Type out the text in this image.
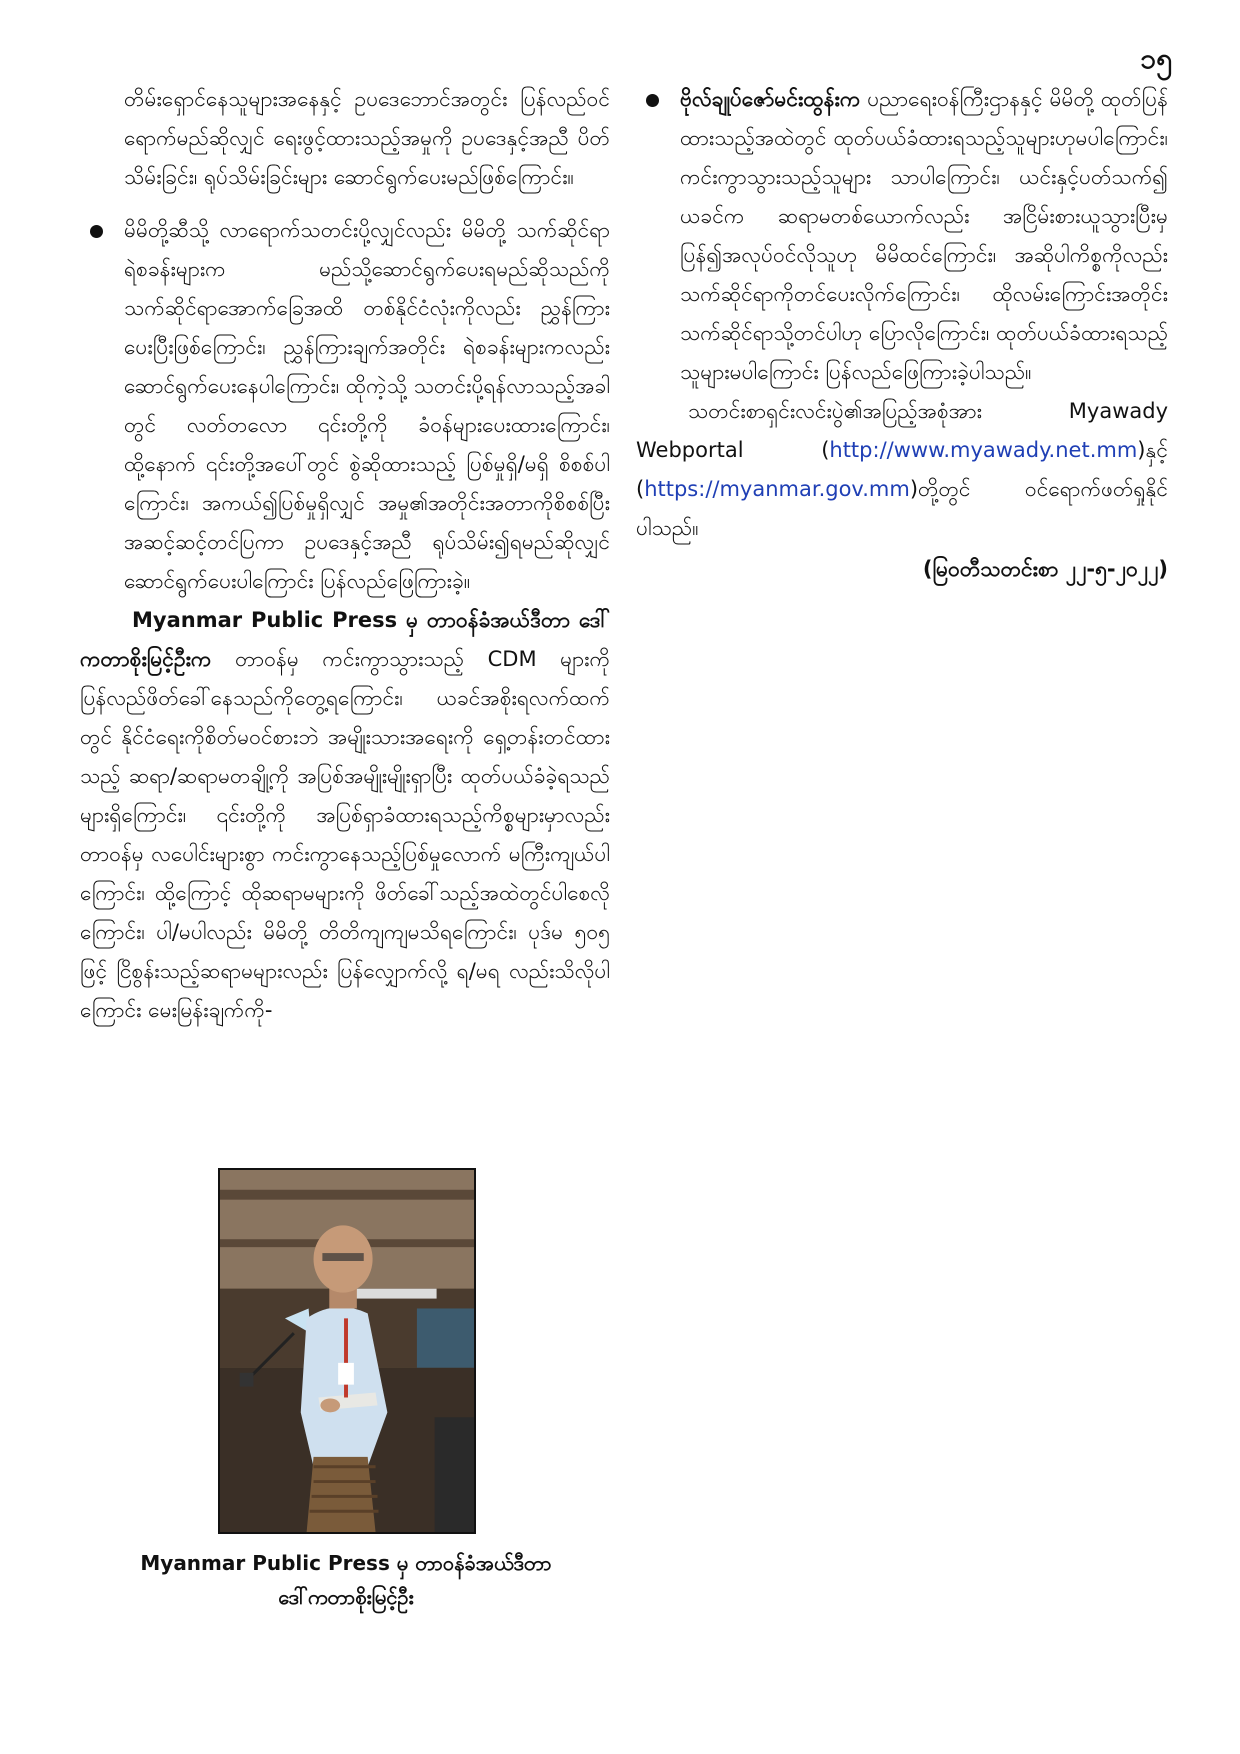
၁၅

တိမ်းရှောင်နေသူများအနေနှင့် ဥပဒေဘောင်အတွင်း ပြန်လည်ဝင်ရောက်မည်ဆိုလျှင် ရေးဖွင့်ထားသည့်အမှုကို ဥပဒေနှင့်အညီ ပိတ်သိမ်းခြင်း၊ ရုပ်သိမ်းခြင်းများ ဆောင်ရွက်ပေးမည်ဖြစ်ကြောင်း။

မိမိတို့ဆီသို့ လာရောက်သတင်းပို့လျှင်လည်း မိမိတို့ သက်ဆိုင်ရာရဲစခန်းများက မည်သို့ဆောင်ရွက်ပေးရမည်ဆိုသည်ကို သက်ဆိုင်ရာအောက်ခြေအထိ တစ်နိုင်ငံလုံးကိုလည်း ညွှန်ကြားပေးပြီးဖြစ်ကြောင်း၊ ညွှန်ကြားချက်အတိုင်း ရဲစခန်းများကလည်း ဆောင်ရွက်ပေးနေပါကြောင်း၊ ထိုကဲ့သို့ သတင်းပို့ရန်လာသည့်အခါတွင် လတ်တလော ၎င်းတို့ကို ခံဝန်များပေးထားကြောင်း၊ ထို့နောက် ၎င်းတို့အပေါ်တွင် စွဲဆိုထားသည့် ပြစ်မှုရှိ/မရှိ စိစစ်ပါကြောင်း၊ အကယ်၍ပြစ်မှုရှိလျှင် အမှု၏အတိုင်းအတာကိုစိစစ်ပြီး အဆင့်ဆင့်တင်ပြကာ ဥပဒေနှင့်အညီ ရုပ်သိမ်း၍ရမည်ဆိုလျှင် ဆောင်ရွက်ပေးပါကြောင်း ပြန်လည်ဖြေကြားခဲ့။

Myanmar Public Press မှ တာဝန်ခံအယ်ဒီတာ ဒေါ်ကတာစိုးမြင့်ဦးက တာဝန်မှ ကင်းကွာသွားသည့် CDM များကို ပြန်လည်ဖိတ်ခေါ်နေသည်ကိုတွေ့ရကြောင်း၊ ယခင်အစိုးရလက်ထက်တွင် နိုင်ငံရေးကိုစိတ်မဝင်စားဘဲ အမျိုးသားအရေးကို ရှေ့တန်းတင်ထားသည့် ဆရာ/ဆရာမတချို့ကို အပြစ်အမျိုးမျိုးရှာပြီး ထုတ်ပယ်ခံခဲ့ရသည်များရှိကြောင်း၊ ၎င်းတို့ကို အပြစ်ရှာခံထားရသည့်ကိစ္စများမှာလည်း တာဝန်မှ လပေါင်းများစွာ ကင်းကွာနေသည့်ပြစ်မှုလောက် မကြီးကျယ်ပါကြောင်း၊ ထို့ကြောင့် ထိုဆရာမများကို ဖိတ်ခေါ်သည့်အထဲတွင်ပါစေလိုကြောင်း၊ ပါ/မပါလည်း မိမိတို့ တိတိကျကျမသိရကြောင်း၊ ပုဒ်မ ၅၀၅ ဖြင့် ငြိစွန်းသည့်ဆရာမများလည်း ပြန်လျှောက်လို့ ရ/မရ လည်းသိလိုပါကြောင်း မေးမြန်းချက်ကို-

ဗိုလ်ချုပ်ဇော်မင်းထွန်းက ပညာရေးဝန်ကြီးဌာနနှင့် မိမိတို့ ထုတ်ပြန်ထားသည့်အထဲတွင် ထုတ်ပယ်ခံထားရသည့်သူများဟုမပါကြောင်း၊ ကင်းကွာသွားသည့်သူများ သာပါကြောင်း၊ ယင်းနှင့်ပတ်သက်၍ ယခင်က ဆရာမတစ်ယောက်လည်း အငြိမ်းစားယူသွားပြီးမှ ပြန်၍အလုပ်ဝင်လိုသူဟု မိမိထင်ကြောင်း၊ အဆိုပါကိစ္စကိုလည်း သက်ဆိုင်ရာကိုတင်ပေးလိုက်ကြောင်း၊ ထိုလမ်းကြောင်းအတိုင်း သက်ဆိုင်ရာသို့တင်ပါဟု ပြောလိုကြောင်း၊ ထုတ်ပယ်ခံထားရသည့်သူများမပါကြောင်း ပြန်လည်ဖြေကြားခဲ့ပါသည်။

သတင်းစာရှင်းလင်းပွဲ၏အပြည့်အစုံအား Myawady Webportal (http://www.myawady.net.mm)နှင့် (https://myanmar.gov.mm)တို့တွင် ဝင်ရောက်ဖတ်ရှုနိုင်ပါသည်။

(မြဝတီသတင်းစာ ၂၂-၅-၂၀၂၂)

Myanmar Public Press မှ တာဝန်ခံအယ်ဒီတာ
ဒေါ်ကတာစိုးမြင့်ဦး
